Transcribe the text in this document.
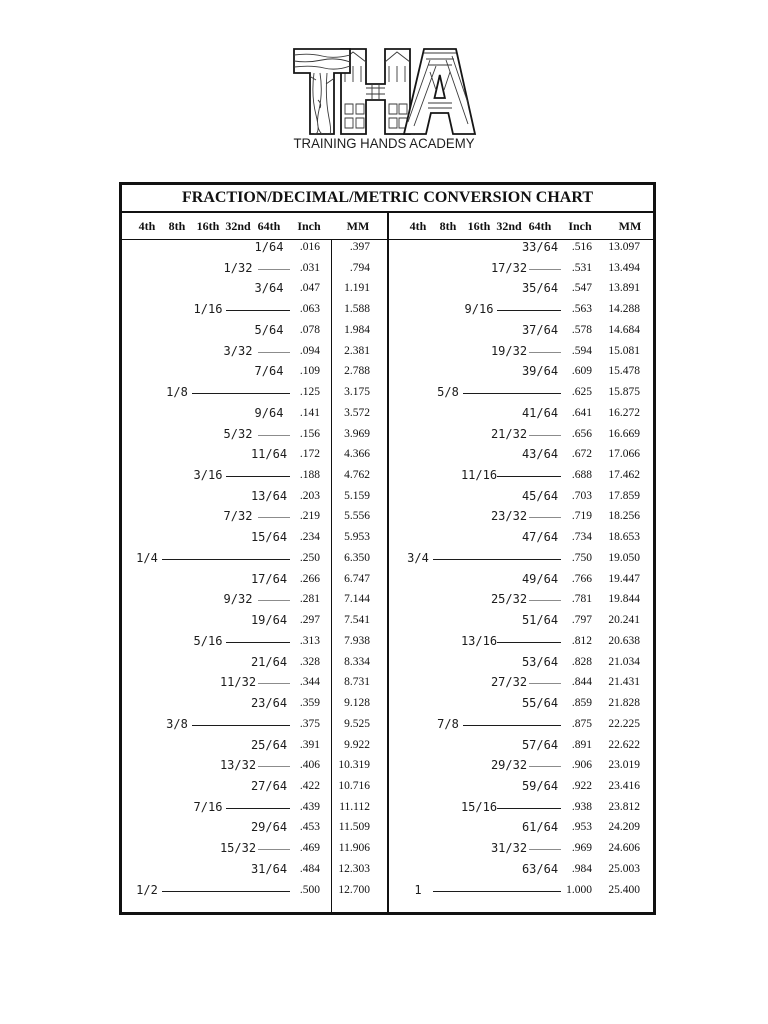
TRAINING HANDS ACADEMY
FRACTION/DECIMAL/METRIC CONVERSION CHART
4th	8th 16th 32nd 64th	Inch	MM	4th	8th 16th 32nd 64th	Inch	MM
1/64	.016	.397
1/32	.031	.794
3/64	.047	1.191
1/16	.063	1.588
5/64	.078	1.984
3/32	.094	2.381
7/64	.109	2.788
1/8	.125	3.175
9/64	.141	3.572
5/32	.156	3.969
11/64	.172	4.366
3/16	.188	4.762
13/64	.203	5.159
7/32	.219	5.556
15/64	.234	5.953
1/4	.250	6.350
17/64	.266	6.747
9/32	.281	7.144
19/64	.297	7.541
5/16	.313	7.938
21/64	.328	8.334
11/32	.344	8.731
23/64	.359	9.128
3/8	.375	9.525
25/64	.391	9.922
13/32	.406	10.319
27/64	.422	10.716
7/16	.439	11.112
29/64	.453	11.509
15/32	.469	11.906
31/64	.484	12.303
1/2	.500	12.700
33/64	.516	13.097
17/32	.531	13.494
35/64	.547	13.891
9/16	.563	14.288
37/64	.578	14.684
19/32	.594	15.081
39/64	.609	15.478
5/8	.625	15.875
41/64	.641	16.272
21/32	.656	16.669
43/64	.672	17.066
11/16	.688	17.462
45/64	.703	17.859
23/32	.719	18.256
47/64	.734	18.653
3/4	.750	19.050
49/64	.766	19.447
25/32	.781	19.844
51/64	.797	20.241
13/16	.812	20.638
53/64	.828	21.034
27/32	.844	21.431
55/64	.859	21.828
7/8	.875	22.225
57/64	.891	22.622
29/32	.906	23.019
59/64	.922	23.416
15/16	.938	23.812
61/64	.953	24.209
31/32	.969	24.606
63/64	.984	25.003
1	1.000	25.400
